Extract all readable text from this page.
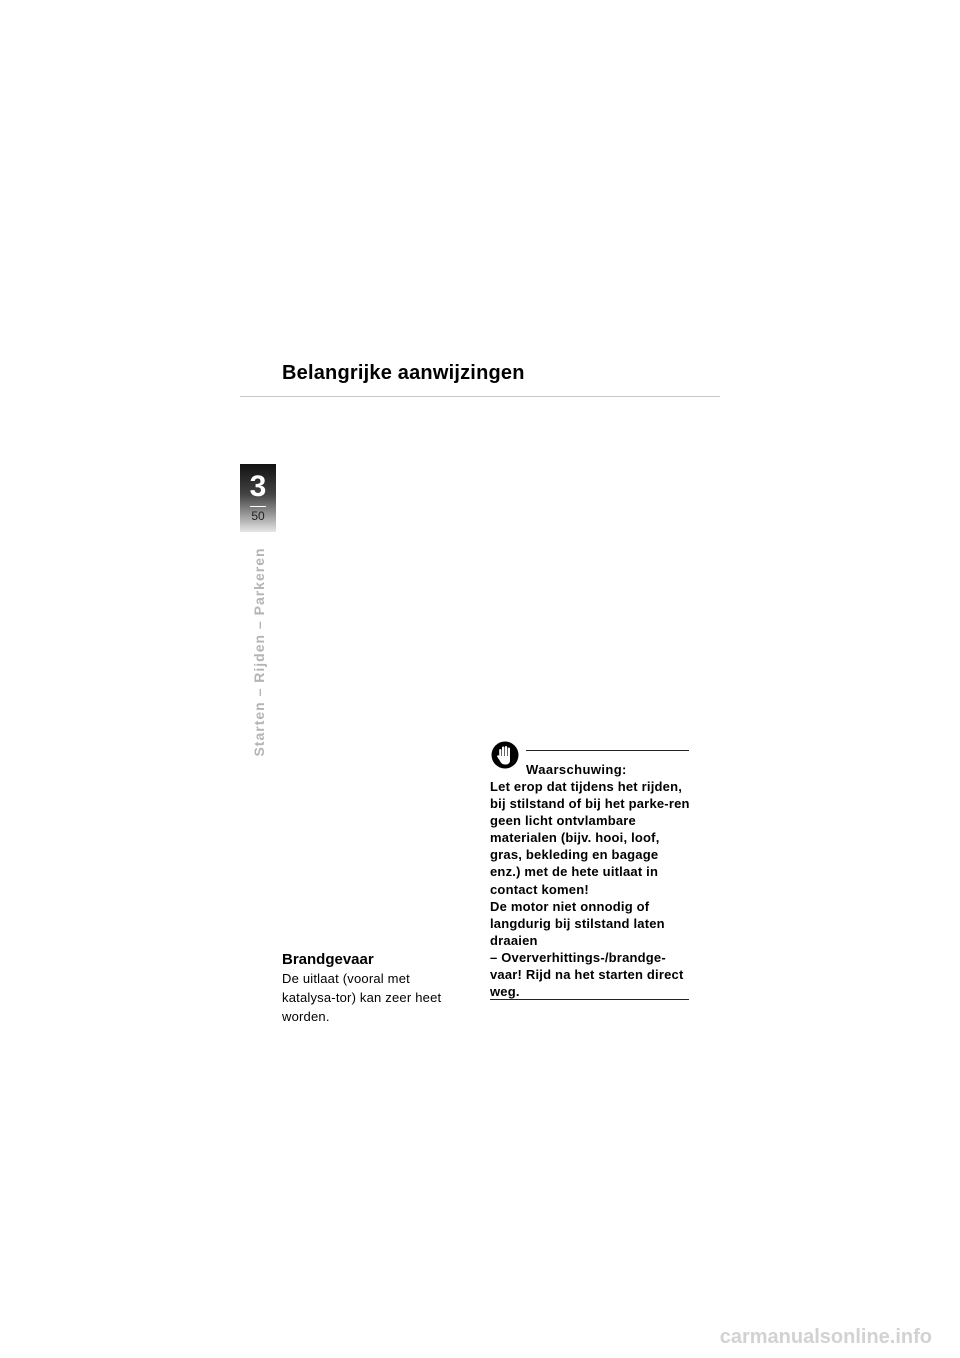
Belangrijke aanwijzingen
3
50
Starten – Rijden – Parkeren
Brandgevaar
De uitlaat (vooral met katalysa-tor) kan zeer heet worden.
Waarschuwing:

Let erop dat tijdens het rijden, bij stilstand of bij het parke-ren geen licht ontvlambare materialen (bijv. hooi, loof, gras, bekleding en bagage enz.) met de hete uitlaat in contact komen!

De motor niet onnodig of langdurig bij stilstand laten draaien

– Oververhittings-/brandge-vaar! Rijd na het starten direct weg.

carmanualsonline.info
